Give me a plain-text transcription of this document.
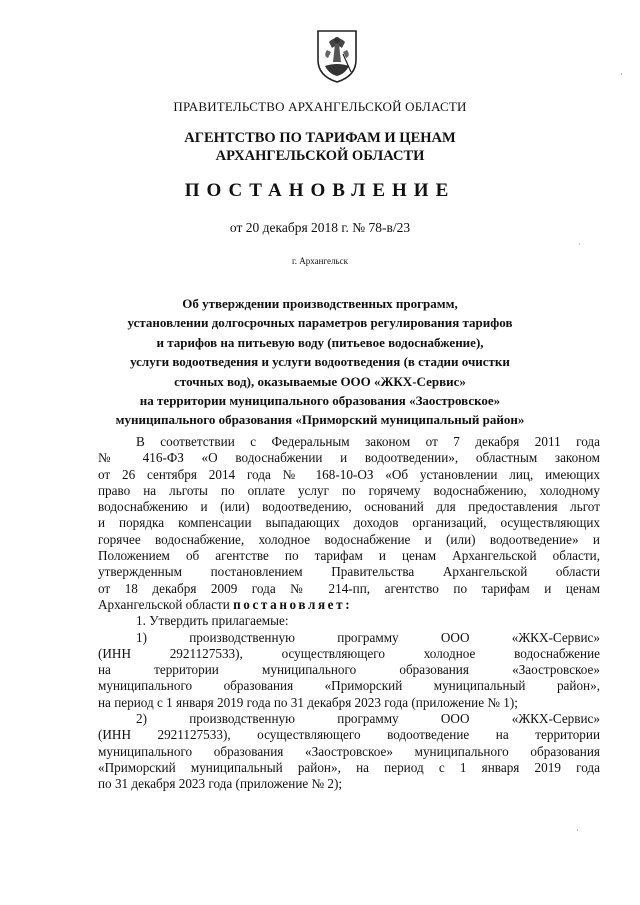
ПРАВИТЕЛЬСТВО АРХАНГЕЛЬСКОЙ ОБЛАСТИ
АГЕНТСТВО ПО ТАРИФАМ И ЦЕНАМ
АРХАНГЕЛЬСКОЙ ОБЛАСТИ
ПОСТАНОВЛЕНИЕ
от 20 декабря 2018 г. № 78-в/23
г. Архангельск
Об утверждении производственных программ,
установлении долгосрочных параметров регулирования тарифов
и тарифов на питьевую воду (питьевое водоснабжение),
услуги водоотведения и услуги водоотведения (в стадии очистки
сточных вод), оказываемые ООО «ЖКХ-Сервис»
на территории муниципального образования «Заостровское»
муниципального образования «Приморский муниципальный район»
В соответствии с Федеральным законом от 7 декабря 2011 года
№ 416-ФЗ «О водоснабжении и водоотведении», областным законом
от 26 сентября 2014 года № 168-10-ОЗ «Об установлении лиц, имеющих
право на льготы по оплате услуг по горячему водоснабжению, холодному
водоснабжению и (или) водоотведению, оснований для предоставления льгот
и порядка компенсации выпадающих доходов организаций, осуществляющих
горячее водоснабжение, холодное водоснабжение и (или) водоотведение» и
Положением об агентстве по тарифам и ценам Архангельской области,
утвержденным постановлением Правительства Архангельской области
от 18 декабря 2009 года № 214-пп, агентство по тарифам и ценам
Архангельской области постановляет:
1. Утвердить прилагаемые:
1) производственную программу ООО «ЖКХ-Сервис»
(ИНН 2921127533), осуществляющего холодное водоснабжение
на территории муниципального образования «Заостровское»
муниципального образования «Приморский муниципальный район»,
на период с 1 января 2019 года по 31 декабря 2023 года (приложение № 1);
2) производственную программу ООО «ЖКХ-Сервис»
(ИНН 2921127533), осуществляющего водоотведение на территории
муниципального образования «Заостровское» муниципального образования
«Приморский муниципальный район», на период с 1 января 2019 года
по 31 декабря 2023 года (приложение № 2);
·
·
·
